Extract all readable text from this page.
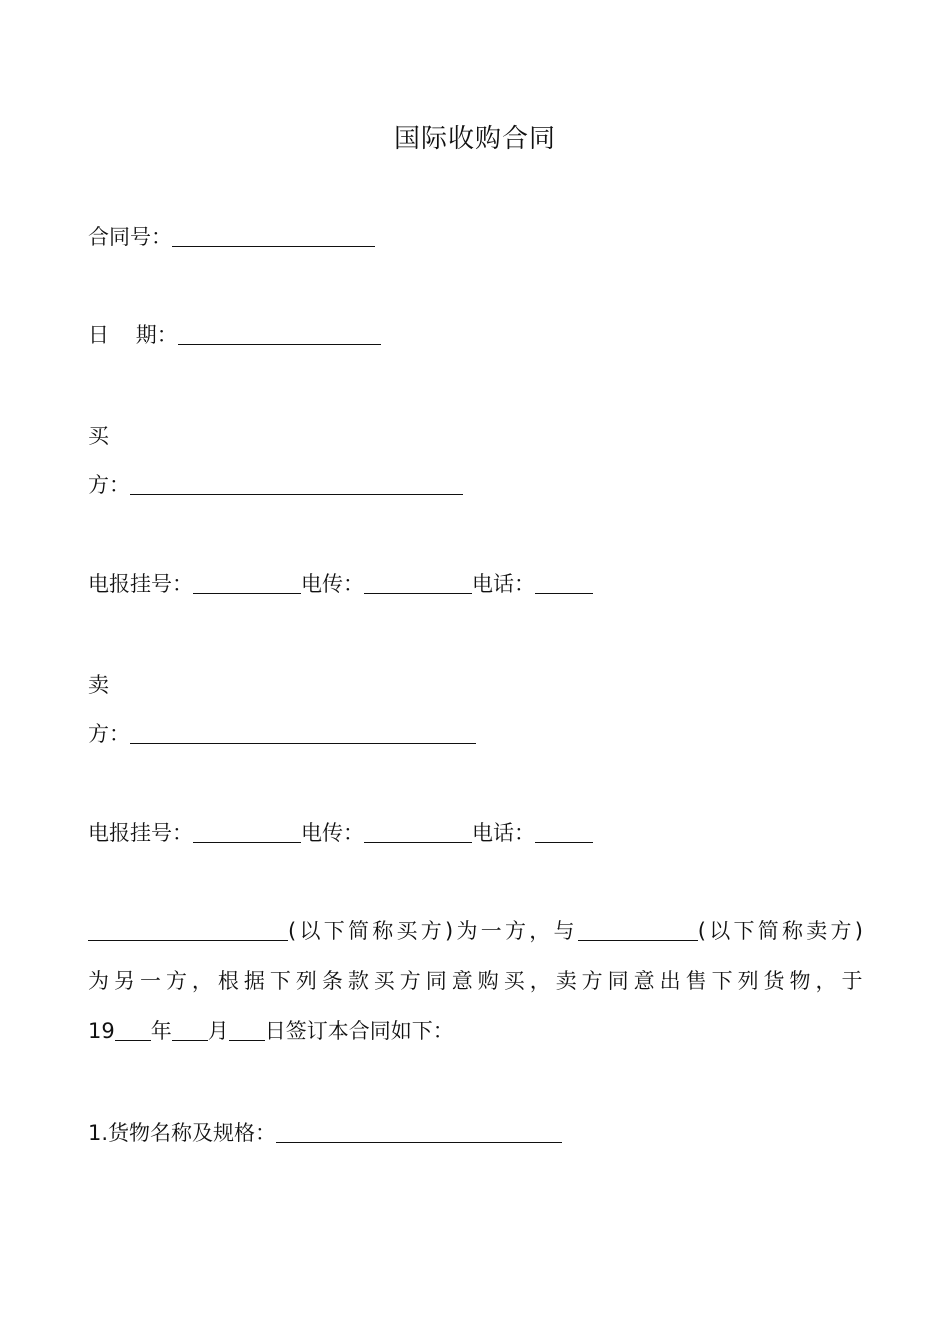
国际收购合同
合同号：
日    期：
买
方：
电报挂号：	电传：	电话：
卖
方：
电报挂号：	电传：	电话：
(以下简称买方)为一方，与	(以下简称卖方)
为另一方，根据下列条款买方同意购买，卖方同意出售下列货物，于
19 年 月 日签订本合同如下：
1.货物名称及规格：
